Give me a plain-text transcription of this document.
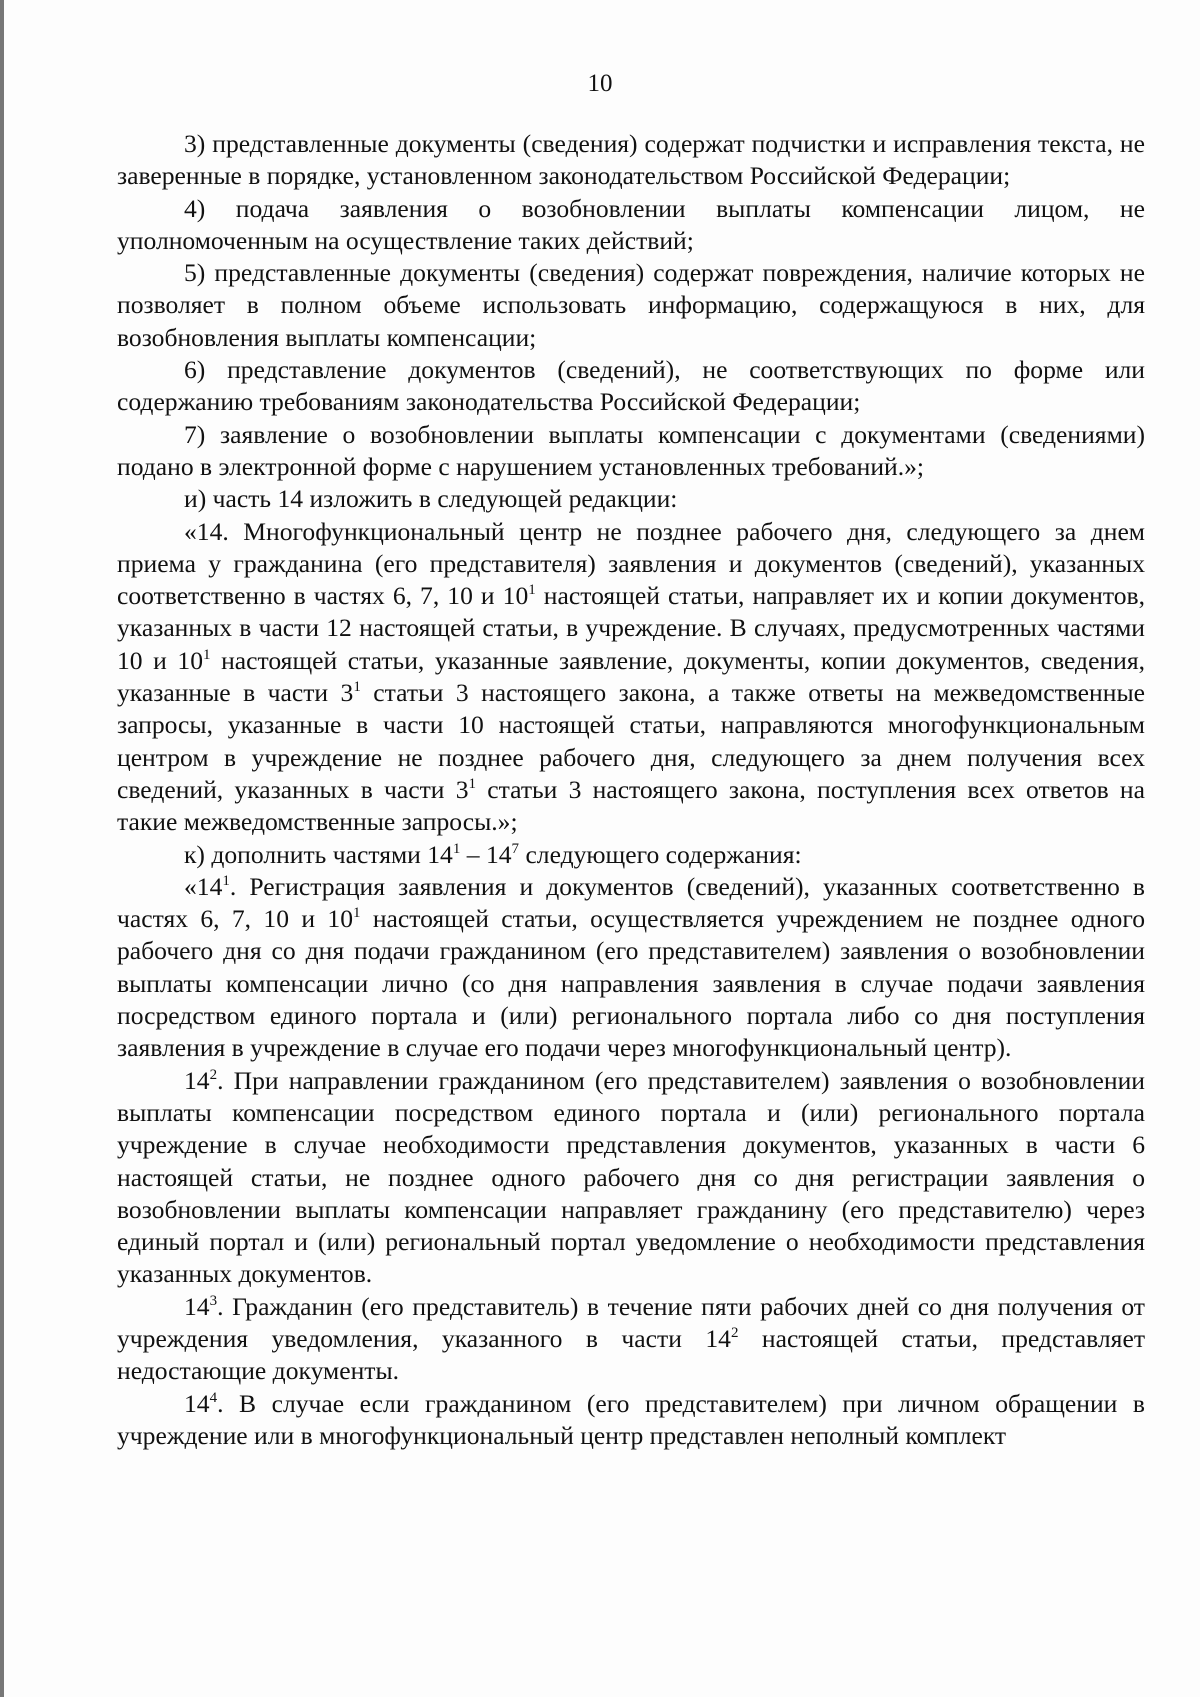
10

3) представленные документы (сведения) содержат подчистки и исправления текста, не заверенные в порядке, установленном законодательством Российской Федерации;

4) подача заявления о возобновлении выплаты компенсации лицом, не уполномоченным на осуществление таких действий;

5) представленные документы (сведения) содержат повреждения, наличие которых не позволяет в полном объеме использовать информацию, содержащуюся в них, для возобновления выплаты компенсации;

6) представление документов (сведений), не соответствующих по форме или содержанию требованиям законодательства Российской Федерации;

7) заявление о возобновлении выплаты компенсации с документами (сведениями) подано в электронной форме с нарушением установленных требований.»;

и) часть 14 изложить в следующей редакции:

«14. Многофункциональный центр не позднее рабочего дня, следующего за днем приема у гражданина (его представителя) заявления и документов (сведений), указанных соответственно в частях 6, 7, 10 и $10^1$ настоящей статьи, направляет их и копии документов, указанных в части 12 настоящей статьи, в учреждение. В случаях, предусмотренных частями 10 и $10^1$ настоящей статьи, указанные заявление, документы, копии документов, сведения, указанные в части $3^1$ статьи 3 настоящего закона, а также ответы на межведомственные запросы, указанные в части 10 настоящей статьи, направляются многофункциональным центром в учреждение не позднее рабочего дня, следующего за днем получения всех сведений, указанных в части $3^1$ статьи 3 настоящего закона, поступления всех ответов на такие межведомственные запросы.»;

к) дополнить частями $14^1 - 14^7$ следующего содержания:

«$14^1$. Регистрация заявления и документов (сведений), указанных соответственно в частях 6, 7, 10 и $10^1$ настоящей статьи, осуществляется учреждением не позднее одного рабочего дня со дня подачи гражданином (его представителем) заявления о возобновлении выплаты компенсации лично (со дня направления заявления в случае подачи заявления посредством единого портала и (или) регионального портала либо со дня поступления заявления в учреждение в случае его подачи через многофункциональный центр).

$14^2$. При направлении гражданином (его представителем) заявления о возобновлении выплаты компенсации посредством единого портала и (или) регионального портала учреждение в случае необходимости представления документов, указанных в части 6 настоящей статьи, не позднее одного рабочего дня со дня регистрации заявления о возобновлении выплаты компенсации направляет гражданину (его представителю) через единый портал и (или) региональный портал уведомление о необходимости представления указанных документов.

$14^3$. Гражданин (его представитель) в течение пяти рабочих дней со дня получения от учреждения уведомления, указанного в части $14^2$ настоящей статьи, представляет недостающие документы.

$14^4$. В случае если гражданином (его представителем) при личном обращении в учреждение или в многофункциональный центр представлен неполный комплект
